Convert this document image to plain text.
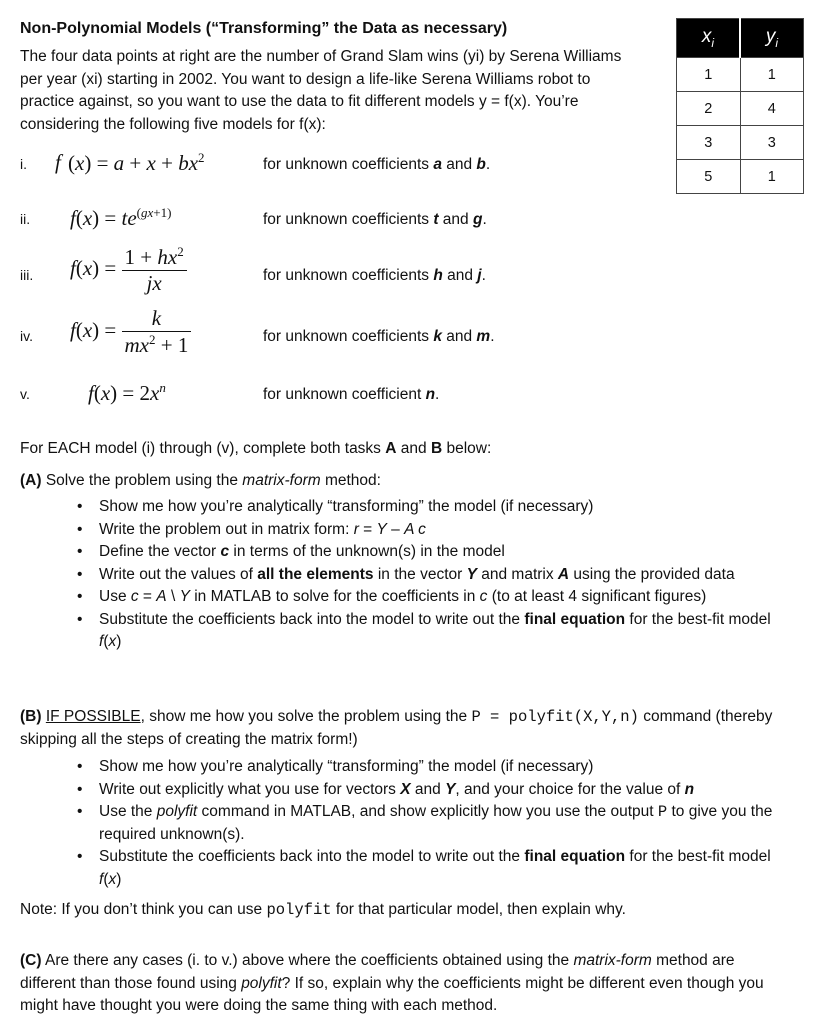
Non-Polynomial Models (“Transforming” the Data as necessary)
The four data points at right are the number of Grand Slam wins (yi) by Serena Williams per year (xi) starting in 2002. You want to design a life-like Serena Williams robot to practice against, so you want to use the data to fit different models y = f(x). You’re considering the following five models for f(x):
$x_i$	$y_i$
1	1
2	4
3	3
5	1
i. f $(x) = a + x + bx^2$	for unknown coefficients a and b.
ii. $f(x) = te^{(gx+1)}$	for unknown coefficients t and g.
iii. $f(x) = \frac{1 + hx^2}{jx}$	for unknown coefficients h and j.
iv. $f(x) = \frac{k}{mx^2 + 1}$	for unknown coefficients k and m.
v.	$f(x) = 2x^n$	for unknown coefficient n.
For EACH model (i) through (v), complete both tasks A and B below:
(A) Solve the problem using the matrix-form method:
• Show me how you’re analytically “transforming” the model (if necessary)
• Write the problem out in matrix form: r = Y – A c
• Define the vector c in terms of the unknown(s) in the model
• Write out the values of all the elements in the vector Y and matrix A using the provided data
• Use c = A \ Y in MATLAB to solve for the coefficients in c (to at least 4 significant figures)
• Substitute the coefficients back into the model to write out the final equation for the best-fit model f(x)
(B) IF POSSIBLE, show me how you solve the problem using the P = polyfit(X,Y,n) command (thereby skipping all the steps of creating the matrix form!)
• Show me how you’re analytically “transforming” the model (if necessary)
• Write out explicitly what you use for vectors X and Y, and your choice for the value of n
• Use the polyfit command in MATLAB, and show explicitly how you use the output P to give you the required unknown(s).
• Substitute the coefficients back into the model to write out the final equation for the best-fit model f(x)
Note: If you don’t think you can use polyfit for that particular model, then explain why.
(C) Are there any cases (i. to v.) above where the coefficients obtained using the matrix-form method are different than those found using polyfit? If so, explain why the coefficients might be different even though you might have thought you were doing the same thing with each method.
